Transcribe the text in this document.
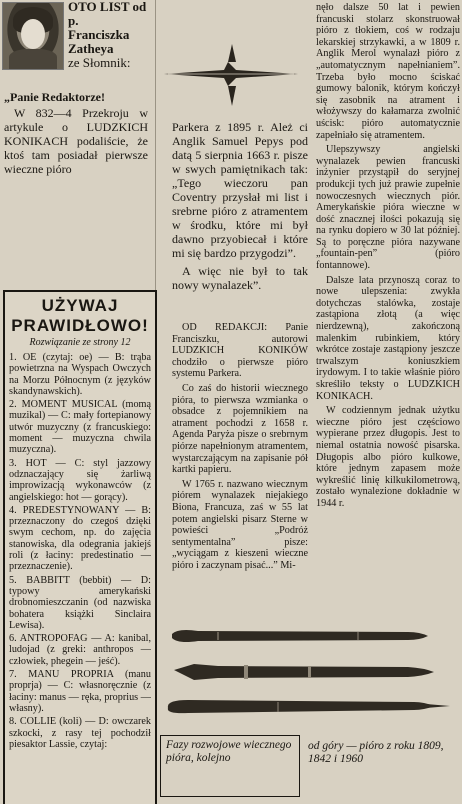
OTO LIST od p.
Franciszka Zatheya
ze Słomnik:

„Panie Redaktorze!

W 832—4 Przekroju w artykule o LUDZKICH KONIKACH podaliście, że ktoś tam posiadał pierwsze wieczne pióro

UŻYWAJ PRAWIDŁOWO!
Rozwiązanie ze strony 12

1. OE (czytaj: oe) — B: trąba powietrzna na Wyspach Owczych na Morzu Północnym (z języków skandynawskich).

2. MOMENT MUSICAL (momą muzikal) — C: mały fortepianowy utwór muzyczny (z francuskiego: moment — muzyczna chwila muzyczna).

3. HOT — C: styl jazzowy odznaczający się żarliwą improwizacją wykonawców (z angielskiego: hot — gorący).

4. PREDESTYNOWANY — B: przeznaczony do czegoś dzięki swym cechom, np. do zajęcia stanowiska, dla odegrania jakiejś roli (z łaciny: predestinatio — przeznaczenie).

5. BABBITT (bebbit) — D: typowy amerykański drobnomieszczanin (od nazwiska bohatera książki Sinclaira Lewisa).

6. ANTROPOFAG — A: kanibal, ludojad (z greki: anthropos — człowiek, phegein — jeść).

7. MANU PROPRIA (manu proprja) — C: własnoręcznie (z łaciny: manus — ręka, proprius — własny).

8. COLLIE (koli) — D: owczarek szkocki, z rasy tej pochodził piesaktor Lassie, czytaj:

Parkera z 1895 r. Ależ ci Anglik Samuel Pepys pod datą 5 sierpnia 1663 r. pisze w swych pamiętnikach tak: „Tego wieczoru pan Coventry przysłał mi list i srebrne pióro z atramentem w środku, które mi był dawno przyobiecał i które mi się bardzo przygodzi”.

A więc nie był to tak nowy wynalazek”.

OD REDAKCJI: Panie Franciszku, autorowi LUDZKICH KONIKÓW chodziło o pierwsze pióro systemu Parkera.

Co zaś do historii wiecznego pióra, to pierwsza wzmianka o obsadce z pojemnikiem na atrament pochodzi z 1658 r. Agenda Paryża pisze o srebrnym piórze napełnionym atramentem, wystarczającym na zapisanie pół kartki papieru.

W 1765 r. nazwano wiecznym piórem wynalazek niejakiego Biona, Francuza, zaś w 55 lat potem angielski pisarz Sterne w powieści „Podróż sentymentalna” pisze: „wyciągam z kieszeni wieczne pióro i zaczynam pisać...” Mi-

nęło dalsze 50 lat i pewien francuski stolarz skonstruował pióro z tłokiem, coś w rodzaju lekarskiej strzykawki, a w 1809 r. Anglik Merol wynalazł pióro z „automatycznym napełnianiem”. Trzeba było mocno ściskać gumowy balonik, którym kończył się zasobnik na atrament i włożywszy do kałamarza zwolnić uścisk: pióro automatycznie zapełniało się atramentem.

Ulepszywszy angielski wynalazek pewien francuski inżynier przystąpił do seryjnej produkcji tych już prawie zupełnie nowoczesnych wiecznych piór. Amerykańskie pióra wieczne w dość znacznej ilości pokazują się na rynku dopiero w 30 lat później. Są to poręczne pióra nazywane „fountain-pen” (pióro fontannowe).

Dalsze lata przynoszą coraz to nowe ulepszenia: zwykła dotychczas stalówka, zostaje zastąpiona złotą (a więc nierdzewną), zakończoną malenkim rubinkiem, który wkrótce zostaje zastąpiony jeszcze trwalszym koniuszkiem irydowym. I to takie właśnie pióro skreśliło teksty o LUDZKICH KONIKACH.

W codziennym jednak użytku wieczne pióro jest częściowo wypierane przez długopis. Jest to niemal ostatnia nowość pisarska. Długopis albo pióro kulkowe, które jednym zapasem może wykreślić linię kilkukilometrową, zostało wynalezione dokładnie w 1944 r.

Fazy rozwojowe wiecznego pióra, kolejno
od góry — pióro z roku 1809, 1842 i 1960
